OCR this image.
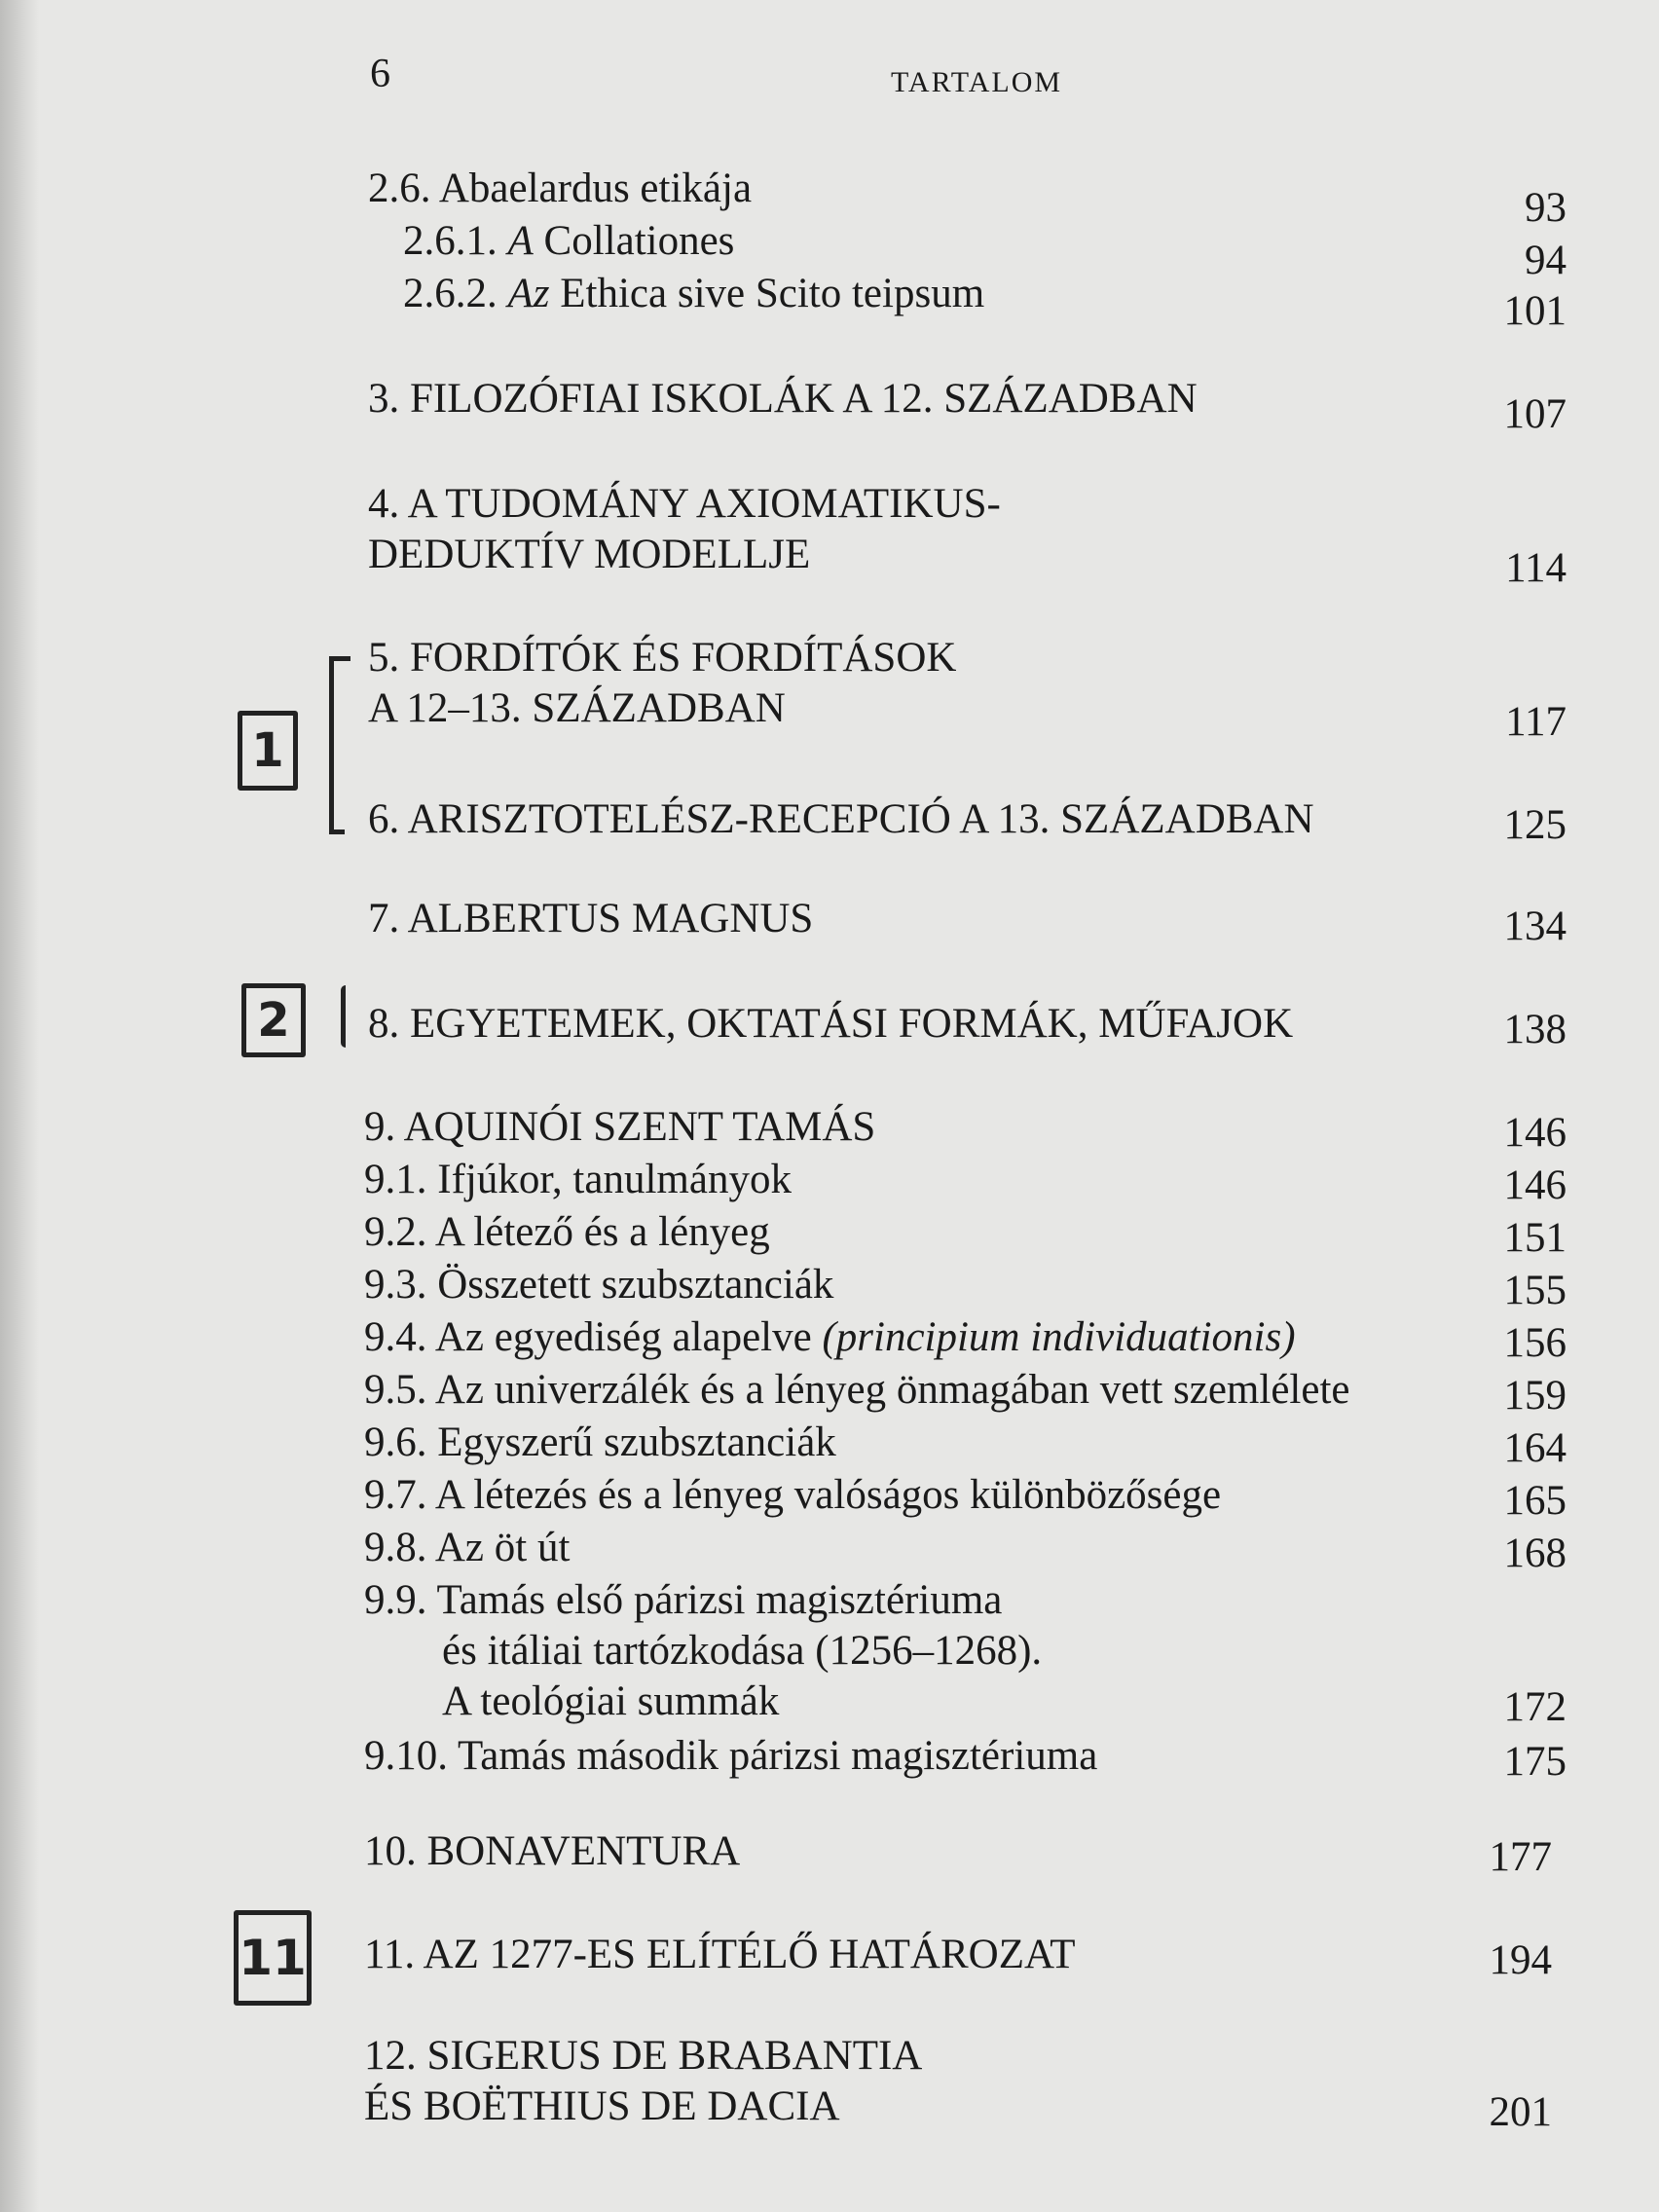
6	TARTALOM
2.6. Abaelardus etikája	93
2.6.1. A Collationes	94
2.6.2. Az Ethica sive Scito teipsum	101
3. FILOZÓFIAI ISKOLÁK A 12. SZÁZADBAN	107
4. A TUDOMÁNY AXIOMATIKUS-
DEDUKTÍV MODELLJE	114
5. FORDÍTÓK ÉS FORDÍTÁSOK
A 12–13. SZÁZADBAN	117
6. ARISZTOTELÉSZ-RECEPCIÓ A 13. SZÁZADBAN	125
7. ALBERTUS MAGNUS	134
8. EGYETEMEK, OKTATÁSI FORMÁK, MŰFAJOK	138
9. AQUINÓI SZENT TAMÁS	146
9.1. Ifjúkor, tanulmányok	146
9.2. A létező és a lényeg	151
9.3. Összetett szubsztanciák	155
9.4. Az egyediség alapelve (principium individuationis)	156
9.5. Az univerzálék és a lényeg önmagában vett szemlélete	159
9.6. Egyszerű szubsztanciák	164
9.7. A létezés és a lényeg valóságos különbözősége	165
9.8. Az öt út	168
9.9. Tamás első párizsi magisztériuma
és itáliai tartózkodása (1256–1268).
A teológiai summák	172
9.10. Tamás második párizsi magisztériuma	175
10. BONAVENTURA	177
11. AZ 1277-ES ELÍTÉLŐ HATÁROZAT	194
12. SIGERUS DE BRABANTIA
ÉS BOËTHIUS DE DACIA	201
1
2
11
